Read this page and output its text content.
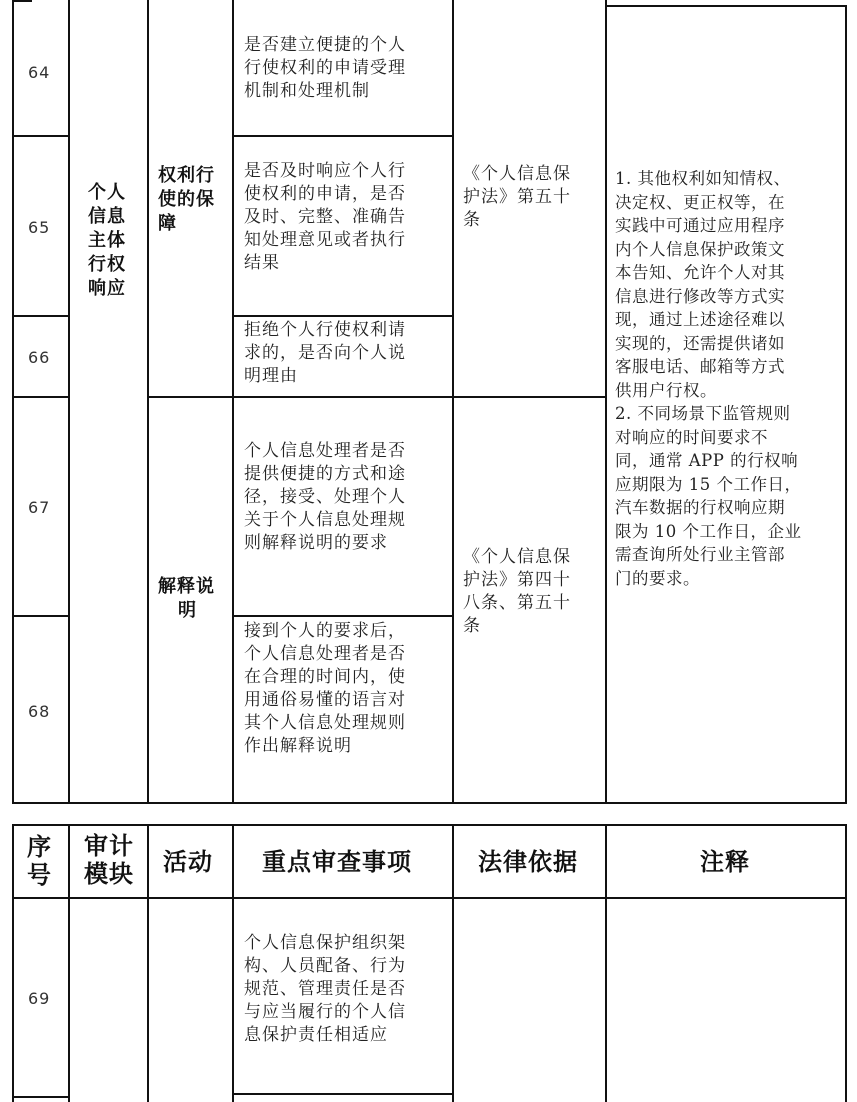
64
65
66
67
68
个人
信息
主体
行权
响应
权利行
使的保
障
解释说
明
是否建立便捷的个人
行使权利的申请受理
机制和处理机制
是否及时响应个人行
使权利的申请，是否
及时、完整、准确告
知处理意见或者执行
结果
拒绝个人行使权利请
求的，是否向个人说
明理由
个人信息处理者是否
提供便捷的方式和途
径，接受、处理个人
关于个人信息处理规
则解释说明的要求
接到个人的要求后，
个人信息处理者是否
在合理的时间内，使
用通俗易懂的语言对
其个人信息处理规则
作出解释说明
《个人信息保
护法》第五十
条
《个人信息保
护法》第四十
八条、第五十
条
1. 其他权利如知情权、
决定权、更正权等，在
实践中可通过应用程序
内个人信息保护政策文
本告知、允许个人对其
信息进行修改等方式实
现，通过上述途径难以
实现的，还需提供诸如
客服电话、邮箱等方式
供用户行权。
2. 不同场景下监管规则
对响应的时间要求不
同，通常 APP 的行权响
应期限为 15 个工作日，
汽车数据的行权响应期
限为 10 个工作日，企业
需查询所处行业主管部
门的要求。
序
号
审计
模块 活动 重点审查事项	法律依据	注释
69
个人信息保护组织架
构、人员配备、行为
规范、管理责任是否
与应当履行的个人信
息保护责任相适应
